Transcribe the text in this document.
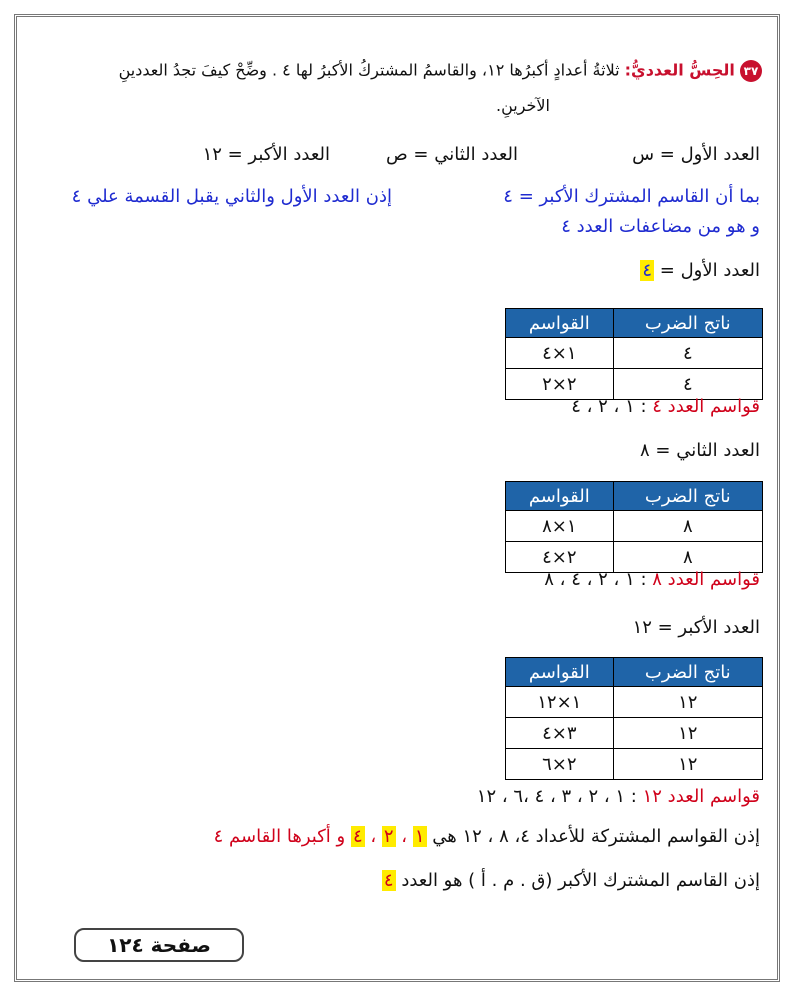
٣٧ الحِسُّ العدديُّ: ثلاثةُ أعدادٍ أكبرُها ١٢، والقاسمُ المشتركُ الأكبرُ لها ٤ . وضِّحْ كيفَ تجدُ العددينِ
الآخرينِ.
العدد الأول = س
العدد الثاني = ص
العدد الأكبر = ١٢
بما أن القاسم المشترك الأكبر = ٤
إذن العدد الأول والثاني يقبل القسمة علي ٤
و هو من مضاعفات العدد ٤
العدد الأول = ٤
ناتج الضرب	القواسم
٤	١×٤
٤	٢×٢
قواسم العدد ٤ : ١ ، ٢ ، ٤
العدد الثاني = ٨
ناتج الضرب	القواسم
٨	١×٨
٨	٢×٤
قواسم العدد ٨ : ١ ، ٢ ، ٤ ، ٨
العدد الأكبر = ١٢
ناتج الضرب	القواسم
١٢	١×١٢
١٢	٣×٤
١٢	٢×٦
قواسم العدد ١٢ : ١ ، ٢ ، ٣ ، ٤ ،٦ ، ١٢
إذن القواسم المشتركة للأعداد ٤، ٨ ، ١٢ هي ١ ، ٢ ، ٤ و أكبرها القاسم ٤
إذن القاسم المشترك الأكبر (ق . م . أ ) هو العدد ٤
صفحة ١٢٤
